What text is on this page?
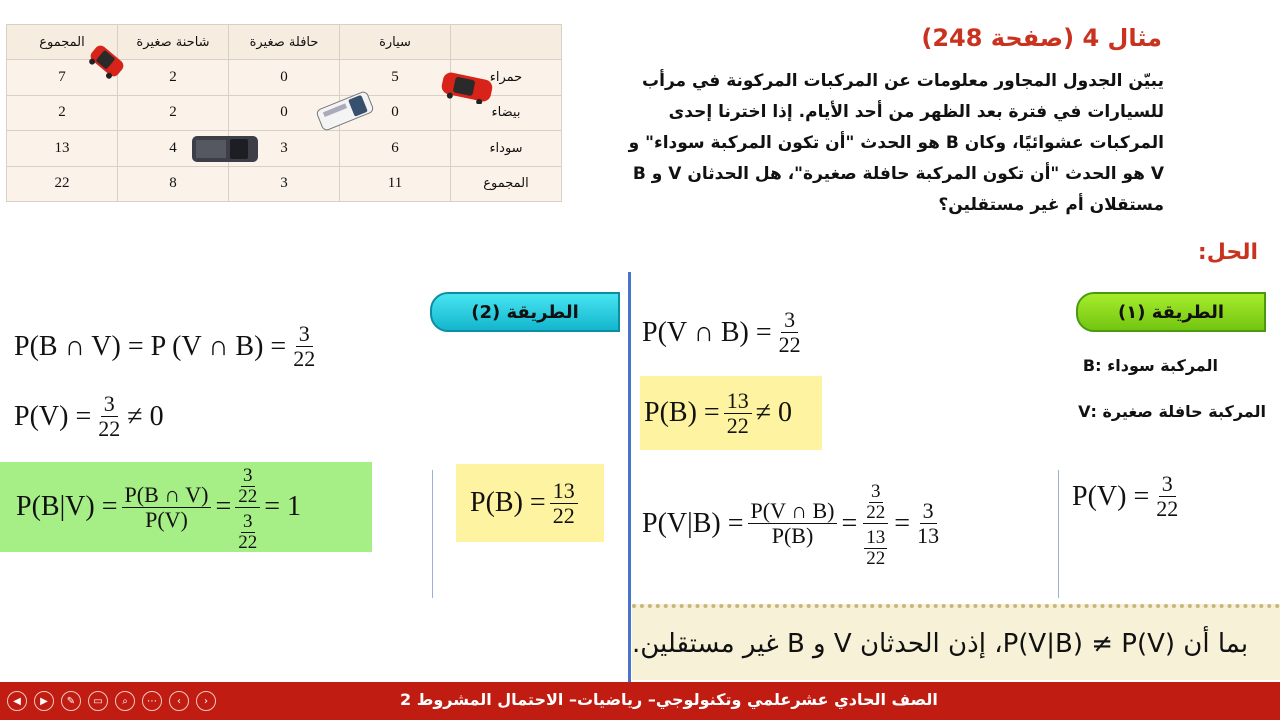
المجموع	شاحنة صغيرة	حافلة صغيرة	سيارة	
7	2	0	5	حمراء
2	2	0	0	بيضاء
13	4	3	6	سوداء
22	8	3	11	المجموع
مثال 4 (صفحة 248)
يبيّن الجدول المجاور معلومات عن المركبات المركونة في مرأب
للسيارات في فترة بعد الظهر من أحد الأيام. إذا اخترنا إحدى
المركبات عشوائيًا، وكان B هو الحدث "أن تكون المركبة سوداء" و
V هو الحدث "أن تكون المركبة حافلة صغيرة"، هل الحدثان V و B
مستقلان أم غير مستقلين؟
الحل:
الطريقة (١)
الطريقة (2)
المركبة سوداء :B
المركبة حافلة صغيرة :V
P(V ∩ $B) = \frac{3}{22}$
$P(B) = \frac{13}{22} \ne 0$
$P(V|B) = \frac{P(V \cap B)}{P(B)} = \frac{\frac{3}{22}}{\frac{13}{22}} = \frac{3}{13}$
$P(V) = \frac{3}{22}$
P(B ∩ V) = P (V ∩ $B) = \frac{3}{22}$
$P(V) = \frac{3}{22} \ne 0$
$P(B|V) = \frac{P(B \cap V)}{P(V)} = \frac{\frac{3}{22}}{\frac{3}{22}} = 1$	$P(B) = \frac{13}{22}$
بما أن P(V|B) ≠ P(V)، إذن الحدثان V و B غير مستقلين.
◀	▶	✎	▭	⌕	⋯	‹	›	الصف الحادي عشرعلمي وتكنولوجي– رياضيات– الاحتمال المشروط 2
